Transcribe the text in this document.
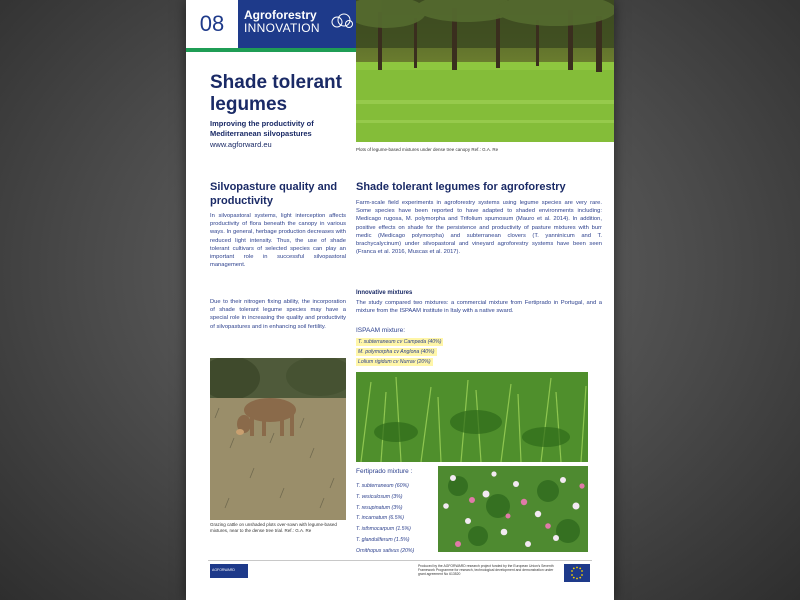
08	Agroforestry
INNOVATION
Plots of legume-based mixtures under dense tree canopy Ref.: G.A. Re
Shade tolerant legumes
Improving the productivity of Mediterranean silvopastures
www.agforward.eu
Silvopasture quality and productivity
In silvopastoral systems, light interception affects productivity of flora beneath the canopy in various ways. In general, herbage production decreases with reduced light intensity. Thus, the use of shade tolerant cultivars of selected species can play an important role in successful silvopastoral management.
Due to their nitrogen fixing ability, the incorporation of shade tolerant legume species may have a special role in increasing the quality and productivity of silvopastures and in enhancing soil fertility.
Grazing cattle on unshaded plots over-sown with legume-based mixtures, near to the dense tree trial. Ref.: G.A. Re
Shade tolerant legumes for agroforestry
Farm-scale field experiments in agroforestry systems using legume species are very rare. Some species have been reported to have adapted to shaded environments including: Medicago rugosa, M. polymorpha and Trifolium spumosum (Mauro et al. 2014). In addition, positive effects on shade for the persistence and productivity of pasture mixtures with burr medic (Medicago polymorpha) and subterranean clovers (T. yanninicum and T. brachycalycinum) under silvopastoral and vineyard agroforestry systems have been seen (Franca et al. 2016, Muscas et al. 2017).
Innovative mixtures
The study compared two mixtures: a commercial mixture from Fertiprado in Portugal, and a mixture from the ISPAAM institute in Italy with a native sward.
ISPAAM mixture:
T. subterraneum cv Campeda (40%)
M. polymorpha cv Anglona (40%)
Lolium rigidum cv Nurrav (20%)
Fertiprado mixture :
T. subterraneum (60%)
T. vesiculosum (3%)
T. resupinatum (3%)
T. incarnatum (6.5%)
T. isthmocarpum (1.5%)
T. glanduliferum (1.5%)
Ornithopus sativus (20%)
AGFORWARD
Produced by the AGFORWARD research project funded by the European Union's Seventh Framework Programme for research, technological development and demonstration under grant agreement No 613520
